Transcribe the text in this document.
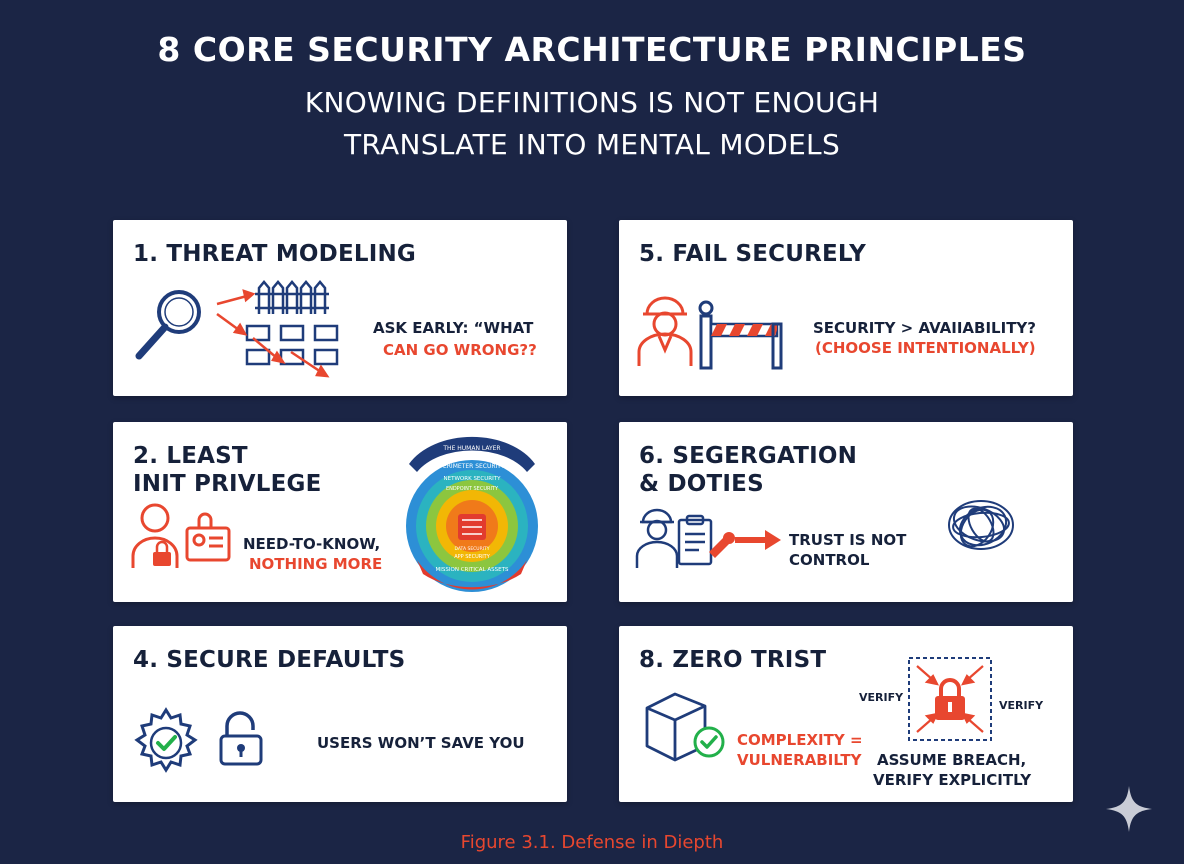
8 CORE SECURITY ARCHITECTURE PRINCIPLES
KNOWING DEFINITIONS IS NOT ENOUGH
TRANSLATE INTO MENTAL MODELS
1. THREAT MODELING
ASK EARLY: “WHAT
CAN GO WRONG??
2. LEAST
INIT PRIVLEGE
NEED-TO-KNOW,
NOTHING MORE
THE HUMAN LAYER
PERIMETER SECURITY
NETWORK SECURITY
ENDPOINT SECURITY
APP SECURITY
DATA SECURITY
MISSION CRITICAL ASSETS
4. SECURE DEFAULTS
USERS WON’T SAVE YOU
5. FAIL SECURELY
SECURITY > AVAIIABILITY?
(CHOOSE INTENTIONALLY)
6. SEGERGATION
& DOTIES
TRUST IS NOT
CONTROL
8. ZERO TRIST
COMPLEXITY =
VULNERABILTY
VERIFY
VERIFY
ASSUME BREACH,
VERIFY EXPLICITLY
Figure 3.1. Defense in Diepth
